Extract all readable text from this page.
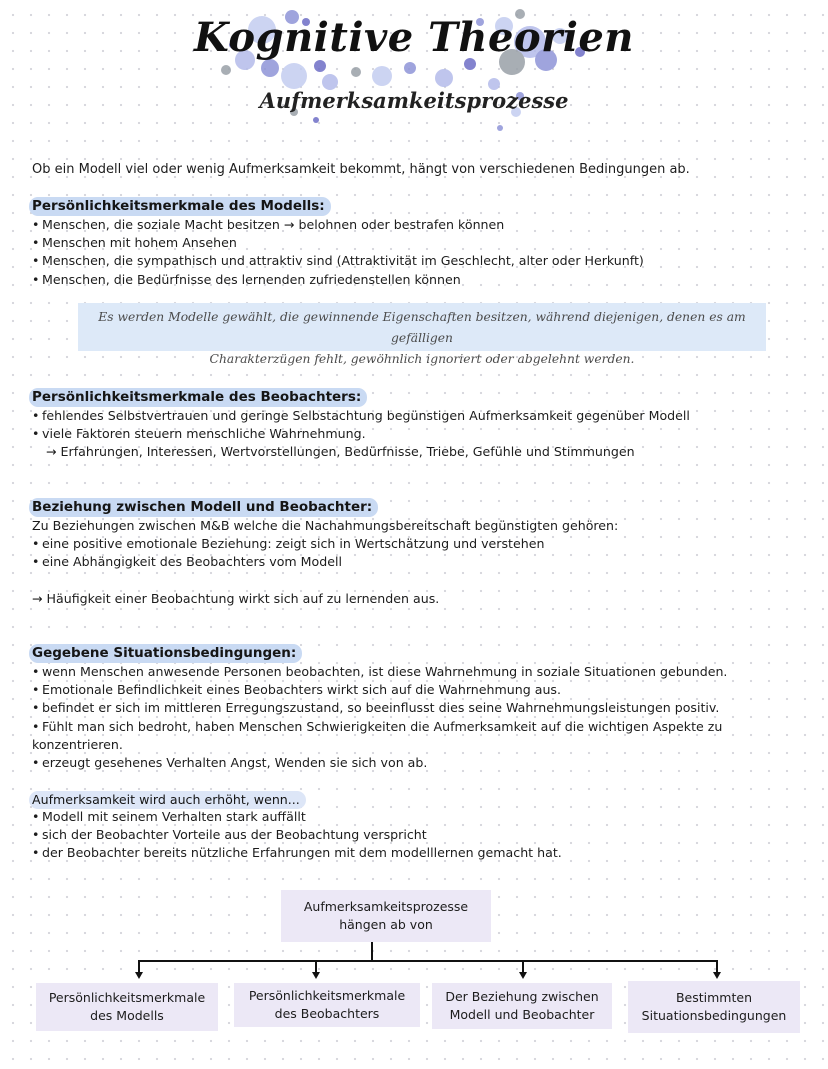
Kognitive Theorien
Aufmerksamkeitsprozesse
Ob ein Modell viel oder wenig Aufmerksamkeit bekommt, hängt von verschiedenen Bedingungen ab.
Persönlichkeitsmerkmale des Modells:
• Menschen, die soziale Macht besitzen → belohnen oder bestrafen können
• Menschen mit hohem Ansehen
• Menschen, die sympathisch und attraktiv sind (Attraktivität im Geschlecht, alter oder Herkunft)
• Menschen, die Bedürfnisse des lernenden zufriedenstellen können
Es werden Modelle gewählt, die gewinnende Eigenschaften besitzen, während diejenigen, denen es am gefälligen
Charakterzügen fehlt, gewöhnlich ignoriert oder abgelehnt werden.
Persönlichkeitsmerkmale des Beobachters:
• fehlendes Selbstvertrauen und geringe Selbstachtung begünstigen Aufmerksamkeit gegenüber Modell
• viele Faktoren steuern menschliche Wahrnehmung.
→ Erfahrungen, Interessen, Wertvorstellungen, Bedürfnisse, Triebe, Gefühle und Stimmungen
Beziehung zwischen Modell und Beobachter:
Zu Beziehungen zwischen M&B welche die Nachahmungsbereitschaft begünstigten gehören:
• eine positive emotionale Beziehung: zeigt sich in Wertschätzung und verstehen
• eine Abhängigkeit des Beobachters vom Modell
→ Häufigkeit einer Beobachtung wirkt sich auf zu lernenden aus.
Gegebene Situationsbedingungen:
• wenn Menschen anwesende Personen beobachten, ist diese Wahrnehmung in soziale Situationen gebunden.
• Emotionale Befindlichkeit eines Beobachters wirkt sich auf die Wahrnehmung aus.
• befindet er sich im mittleren Erregungszustand, so beeinflusst dies seine Wahrnehmungsleistungen positiv.
• Fühlt man sich bedroht, haben Menschen Schwierigkeiten die Aufmerksamkeit auf die wichtigen Aspekte zu konzentrieren.
• erzeugt gesehenes Verhalten Angst, Wenden sie sich von ab.
Aufmerksamkeit wird auch erhöht, wenn...
• Modell mit seinem Verhalten stark auffällt
• sich der Beobachter Vorteile aus der Beobachtung verspricht
• der Beobachter bereits nützliche Erfahrungen mit dem modelllernen gemacht hat.
Aufmerksamkeitsprozesse
hängen ab von
Persönlichkeitsmerkmale
des Modells
Persönlichkeitsmerkmale
des Beobachters
Der Beziehung zwischen
Modell und Beobachter
Bestimmten
Situationsbedingungen
